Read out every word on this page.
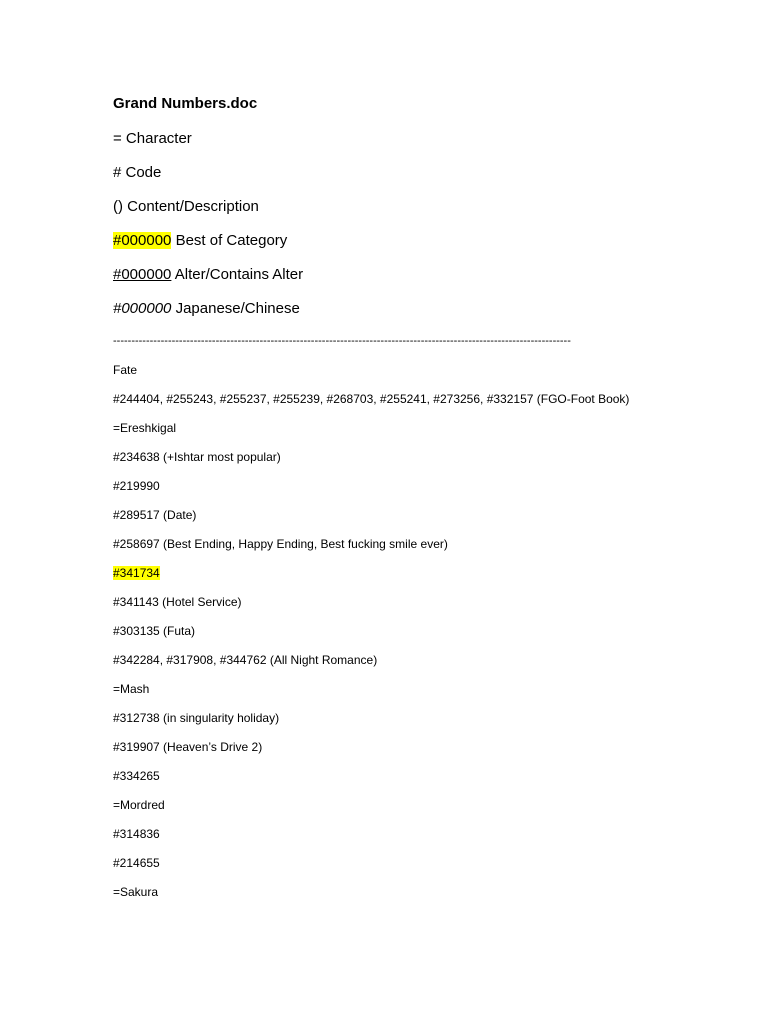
Grand Numbers.doc
= Character
# Code
() Content/Description
#000000 Best of Category
#000000 Alter/Contains Alter
#000000 Japanese/Chinese
-----------------------------------------------------------------------------------------------------------------------------
Fate
#244404, #255243, #255237, #255239, #268703, #255241, #273256, #332157 (FGO-Foot Book)
=Ereshkigal
#234638 (+Ishtar most popular)
#219990
#289517 (Date)
#258697 (Best Ending, Happy Ending, Best fucking smile ever)
#341734
#341143 (Hotel Service)
#303135 (Futa)
#342284, #317908, #344762 (All Night Romance)
=Mash
#312738 (in singularity holiday)
#319907 (Heaven’s Drive 2)
#334265
=Mordred
#314836
#214655
=Sakura
